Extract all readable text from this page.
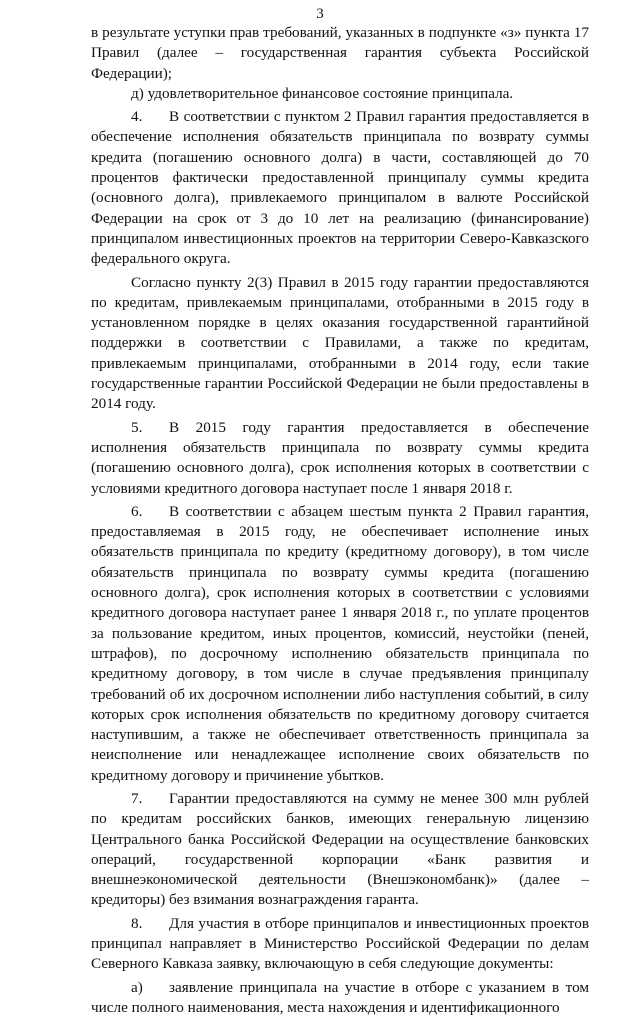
3

в результате уступки прав требований, указанных в подпункте «з» пункта 17 Правил (далее – государственная гарантия субъекта Российской Федерации);

д) удовлетворительное финансовое состояние принципала.

4. В соответствии с пунктом 2 Правил гарантия предоставляется в обеспечение исполнения обязательств принципала по возврату суммы кредита (погашению основного долга) в части, составляющей до 70 процентов фактически предоставленной принципалу суммы кредита (основного долга), привлекаемого принципалом в валюте Российской Федерации на срок от 3 до 10 лет на реализацию (финансирование) принципалом инвестиционных проектов на территории Северо-Кавказского федерального округа.

Согласно пункту 2(3) Правил в 2015 году гарантии предоставляются по кредитам, привлекаемым принципалами, отобранными в 2015 году в установленном порядке в целях оказания государственной гарантийной поддержки в соответствии с Правилами, а также по кредитам, привлекаемым принципалами, отобранными в 2014 году, если такие государственные гарантии Российской Федерации не были предоставлены в 2014 году.

5. В 2015 году гарантия предоставляется в обеспечение исполнения обязательств принципала по возврату суммы кредита (погашению основного долга), срок исполнения которых в соответствии с условиями кредитного договора наступает после 1 января 2018 г.

6. В соответствии с абзацем шестым пункта 2 Правил гарантия, предоставляемая в 2015 году, не обеспечивает исполнение иных обязательств принципала по кредиту (кредитному договору), в том числе обязательств принципала по возврату суммы кредита (погашению основного долга), срок исполнения которых в соответствии с условиями кредитного договора наступает ранее 1 января 2018 г., по уплате процентов за пользование кредитом, иных процентов, комиссий, неустойки (пеней, штрафов), по досрочному исполнению обязательств принципала по кредитному договору, в том числе в случае предъявления принципалу требований об их досрочном исполнении либо наступления событий, в силу которых срок исполнения обязательств по кредитному договору считается наступившим, а также не обеспечивает ответственность принципала за неисполнение или ненадлежащее исполнение своих обязательств по кредитному договору и причинение убытков.

7. Гарантии предоставляются на сумму не менее 300 млн рублей по кредитам российских банков, имеющих генеральную лицензию Центрального банка Российской Федерации на осуществление банковских операций, государственной корпорации «Банк развития и внешнеэкономической деятельности (Внешэкономбанк)» (далее – кредиторы) без взимания вознаграждения гаранта.

8. Для участия в отборе принципалов и инвестиционных проектов принципал направляет в Министерство Российской Федерации по делам Северного Кавказа заявку, включающую в себя следующие документы:

а) заявление принципала на участие в отборе с указанием в том числе полного наименования, места нахождения и идентификационного
